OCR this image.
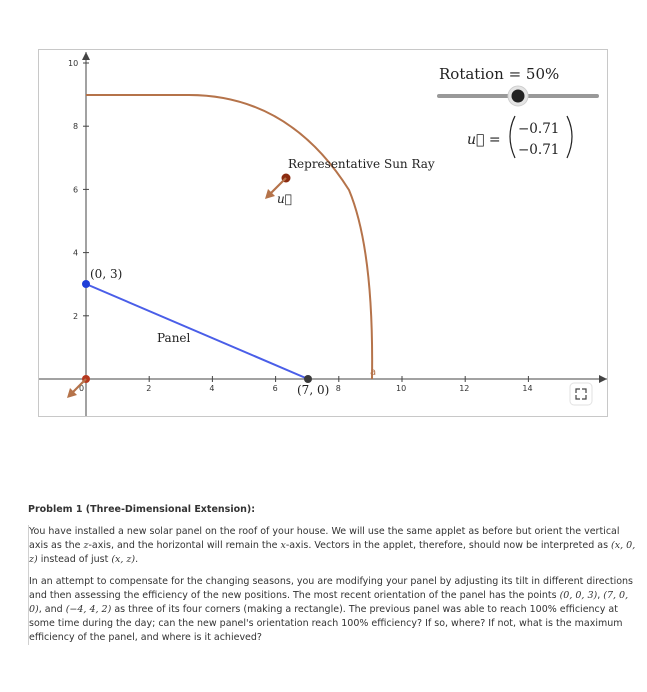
2	4	6	8	10	12	14
2
4
6
8
10
0
a
(0, 3)
(7, 0)
Panel
Representative Sun Ray
u⃗
Rotation = 50%
u⃗ =
−0.71
−0.71
Problem 1 (Three-Dimensional Extension):

You have installed a new solar panel on the roof of your house. We will use the same applet as before but orient the vertical axis as the z-axis, and the horizontal will remain the x-axis. Vectors in the applet, therefore, should now be interpreted as (x, 0, z) instead of just (x, z).

In an attempt to compensate for the changing seasons, you are modifying your panel by adjusting its tilt in different directions and then assessing the efficiency of the new positions. The most recent orientation of the panel has the points (0, 0, 3), (7, 0, 0), and (−4, 4, 2) as three of its four corners (making a rectangle). The previous panel was able to reach 100% efficiency at some time during the day; can the new panel's orientation reach 100% efficiency? If so, where? If not, what is the maximum efficiency of the panel, and where is it achieved?
